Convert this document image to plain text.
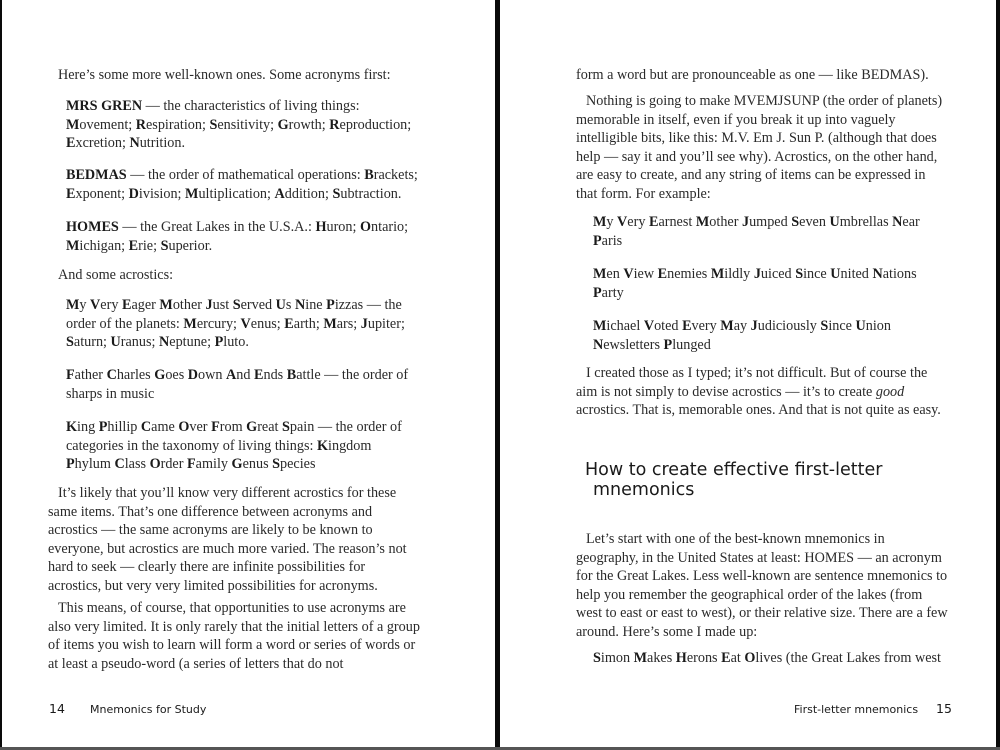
Here’s some more well-known ones. Some acronyms first:

MRS GREN — the characteristics of living things: Movement; Respiration; Sensitivity; Growth; Reproduction; Excretion; Nutrition.

BEDMAS — the order of mathematical operations: Brackets; Exponent; Division; Multiplication; Addition; Subtraction.

HOMES — the Great Lakes in the U.S.A.: Huron; Ontario; Michigan; Erie; Superior.

And some acrostics:

My Very Eager Mother Just Served Us Nine Pizzas — the order of the planets: Mercury; Venus; Earth; Mars; Jupiter; Saturn; Uranus; Neptune; Pluto.

Father Charles Goes Down And Ends Battle — the order of sharps in music

King Phillip Came Over From Great Spain — the order of categories in the taxonomy of living things: Kingdom Phylum Class Order Family Genus Species

It’s likely that you’ll know very different acrostics for these same items. That’s one difference between acronyms and acrostics — the same acronyms are likely to be known to everyone, but acrostics are much more varied. The reason’s not hard to seek — clearly there are infinite possibilities for acrostics, but very very limited possibilities for acronyms.

This means, of course, that opportunities to use acronyms are also very limited. It is only rarely that the initial letters of a group of items you wish to learn will form a word or series of words or at least a pseudo-word (a series of letters that do not

14 Mnemonics for Study

form a word but are pronounceable as one — like BEDMAS).

Nothing is going to make MVEMJSUNP (the order of planets) memorable in itself, even if you break it up into vaguely intelligible bits, like this: M.V. Em J. Sun P. (although that does help — say it and you’ll see why). Acrostics, on the other hand, are easy to create, and any string of items can be expressed in that form. For example:

My Very Earnest Mother Jumped Seven Umbrellas Near Paris

Men View Enemies Mildly Juiced Since United Nations Party

Michael Voted Every May Judiciously Since Union Newsletters Plunged

I created those as I typed; it’s not difficult. But of course the aim is not simply to devise acrostics — it’s to create good acrostics. That is, memorable ones. And that is not quite as easy.

How to create effective first-letter
mnemonics

Let’s start with one of the best-known mnemonics in geography, in the United States at least: HOMES — an acronym for the Great Lakes. Less well-known are sentence mnemonics to help you remember the geographical order of the lakes (from west to east or east to west), or their relative size. There are a few around. Here’s some I made up:

Simon Makes Herons Eat Olives (the Great Lakes from west

First-letter mnemonics 15
